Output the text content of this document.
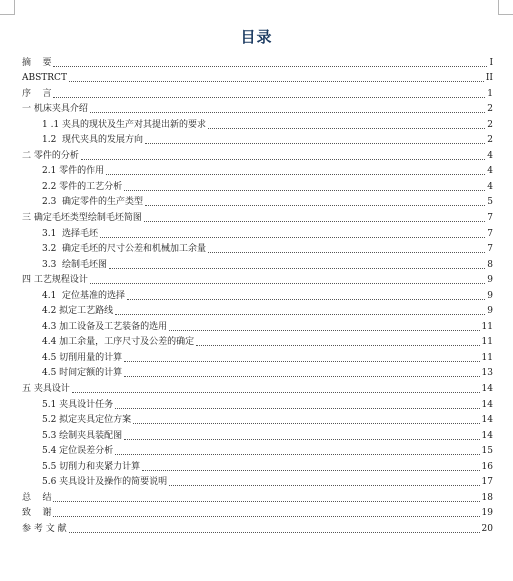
目录
摘    要	I
ABSTRCT	II
序    言	1
一 机床夹具介绍	2
1 .1 夹具的现状及生产对其提出新的要求	2
1.2  现代夹具的发展方向	2
二 零件的分析	4
2.1 零件的作用	4
2.2 零件的工艺分析	4
2.3  确定零件的生产类型	5
三 确定毛坯类型绘制毛坯简图	7
3.1  选择毛坯	7
3.2  确定毛坯的尺寸公差和机械加工余量	7
3.3  绘制毛坯图	8
四 工艺规程设计	9
4.1  定位基准的选择	9
4.2 拟定工艺路线	9
4.3 加工设备及工艺装备的选用	11
4.4 加工余量，工序尺寸及公差的确定	11
4.5 切削用量的计算	11
4.5 时间定额的计算	13
五 夹具设计	14
5.1 夹具设计任务	14
5.2 拟定夹具定位方案	14
5.3 绘制夹具装配图	14
5.4 定位误差分析	15
5.5 切削力和夹紧力计算	16
5.6 夹具设计及操作的简要说明	17
总    结	18
致    谢	19
参 考 文 献	20
